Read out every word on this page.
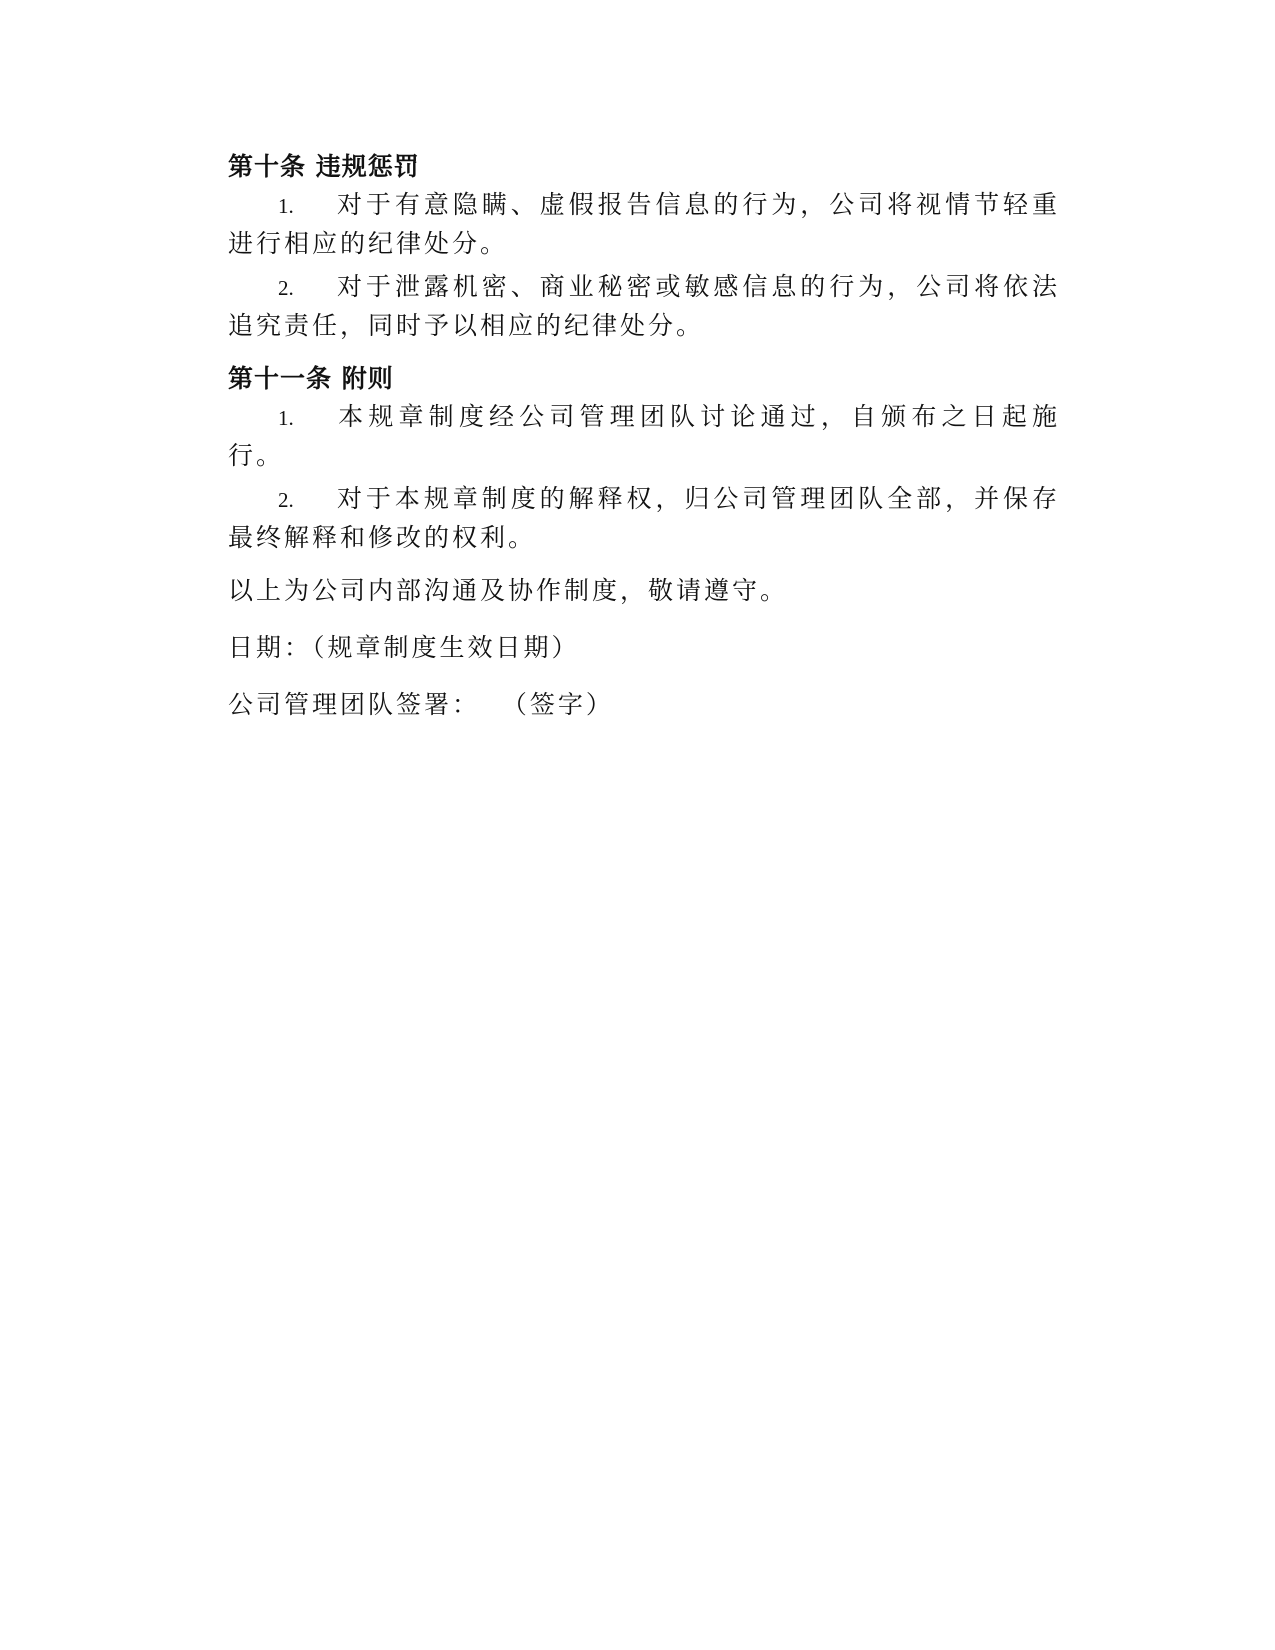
第十条 违规惩罚

1. 对于有意隐瞒、虚假报告信息的行为，公司将视情节轻重进行相应的纪律处分。

2. 对于泄露机密、商业秘密或敏感信息的行为，公司将依法追究责任，同时予以相应的纪律处分。

第十一条 附则

1. 本规章制度经公司管理团队讨论通过，自颁布之日起施行。

2. 对于本规章制度的解释权，归公司管理团队全部，并保存最终解释和修改的权利。

以上为公司内部沟通及协作制度，敬请遵守。

日期：（规章制度生效日期）

公司管理团队签署：  （签字）
